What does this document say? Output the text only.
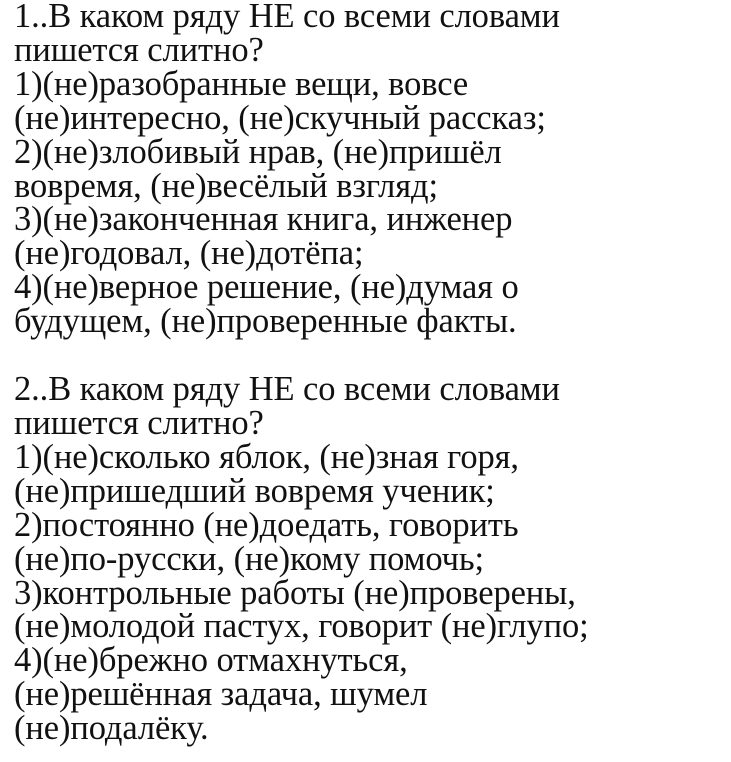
1..В каком ряду НЕ со всеми словами
пишется слитно?
1)(не)разобранные вещи, вовсе
(не)интересно, (не)скучный рассказ;
2)(не)злобивый нрав, (не)пришёл
вовремя, (не)весёлый взгляд;
3)(не)законченная книга, инженер
(не)годовал, (не)дотёпа;
4)(не)верное решение, (не)думая о
будущем, (не)проверенные факты.
2..В каком ряду НЕ со всеми словами
пишется слитно?
1)(не)сколько яблок, (не)зная горя,
(не)пришедший вовремя ученик;
2)постоянно (не)доедать, говорить
(не)по-русски, (не)кому помочь;
3)контрольные работы (не)проверены,
(не)молодой пастух, говорит (не)глупо;
4)(не)брежно отмахнуться,
(не)решённая задача, шумел
(не)подалёку.
